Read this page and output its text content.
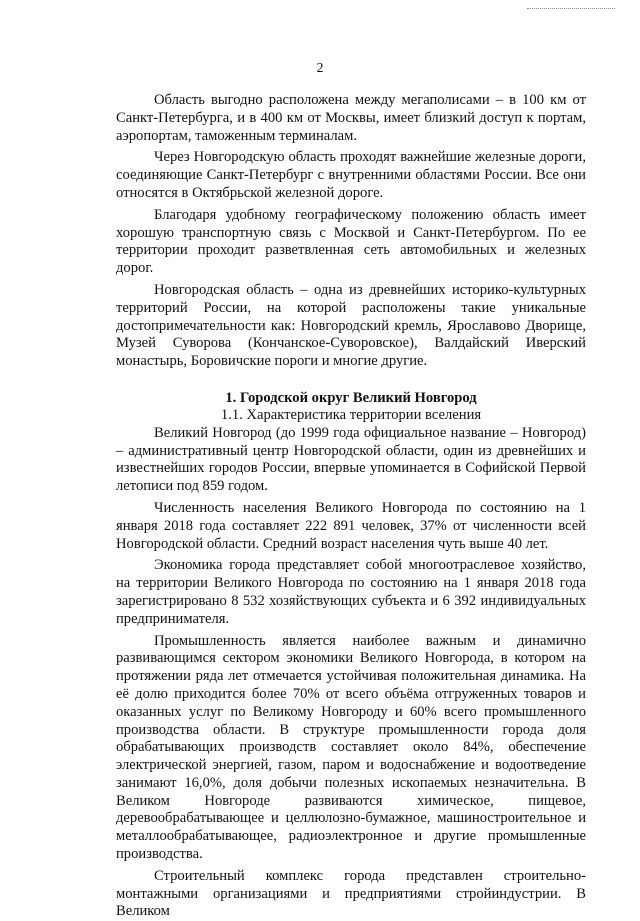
2

Область выгодно расположена между мегаполисами – в 100 км от Санкт-Петербурга, и в 400 км от Москвы, имеет близкий доступ к портам, аэропортам, таможенным терминалам.

Через Новгородскую область проходят важнейшие железные дороги, соединяющие Санкт-Петербург с внутренними областями России. Все они относятся в Октябрьской железной дороге.

Благодаря удобному географическому положению область имеет хорошую транспортную связь с Москвой и Санкт-Петербургом. По ее территории проходит разветвленная сеть автомобильных и железных дорог.

Новгородская область – одна из древнейших историко-культурных территорий России, на которой расположены такие уникальные достопримечательности как: Новгородский кремль, Ярославово Дворище, Музей Суворова (Кончанское-Суворовское), Валдайский Иверский монастырь, Боровичские пороги и многие другие.

1. Городской округ Великий Новгород
1.1. Характеристика территории вселения

Великий Новгород (до 1999 года официальное название – Новгород) – административный центр Новгородской области, один из древнейших и известнейших городов России, впервые упоминается в Софийской Первой летописи под 859 годом.

Численность населения Великого Новгорода по состоянию на 1 января 2018 года составляет 222 891 человек, 37% от численности всей Новгородской области. Средний возраст населения чуть выше 40 лет.

Экономика города представляет собой многоотраслевое хозяйство, на территории Великого Новгорода по состоянию на 1 января 2018 года зарегистрировано 8 532 хозяйствующих субъекта и 6 392 индивидуальных предпринимателя.

Промышленность является наиболее важным и динамично развивающимся сектором экономики Великого Новгорода, в котором на протяжении ряда лет отмечается устойчивая положительная динамика. На её долю приходится более 70% от всего объёма отгруженных товаров и оказанных услуг по Великому Новгороду и 60% всего промышленного производства области. В структуре промышленности города доля обрабатывающих производств составляет около 84%, обеспечение электрической энергией, газом, паром и водоснабжение и водоотведение занимают 16,0%, доля добычи полезных ископаемых незначительна. В Великом Новгороде развиваются химическое, пищевое, деревообрабатывающее и целлюлозно-бумажное, машиностроительное и металлообрабатывающее, радиоэлектронное и другие промышленные производства.

Строительный комплекс города представлен строительно-монтажными организациями и предприятиями стройиндустрии. В Великом
